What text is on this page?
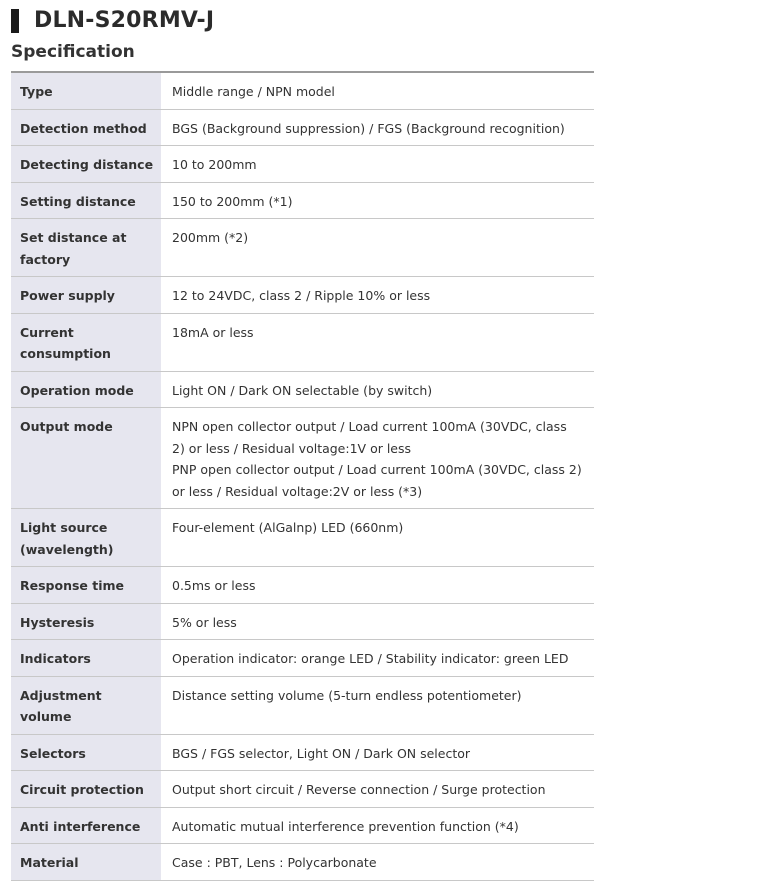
DLN-S20RMV-J
Specification
Type	Middle range / NPN model
Detection method	BGS (Background suppression) / FGS (Background recognition)
Detecting distance	10 to 200mm
Setting distance	150 to 200mm (*1)
Set distance at factory	200mm (*2)
Power supply	12 to 24VDC, class 2 / Ripple 10% or less
Current consumption	18mA or less
Operation mode	Light ON / Dark ON selectable (by switch)
Output mode	NPN open collector output / Load current 100mA (30VDC, class 2) or less / Residual voltage:1V or less
PNP open collector output / Load current 100mA (30VDC, class 2) or less / Residual voltage:2V or less (*3)

Light source (wavelength)	Four-element (AlGalnp) LED (660nm)
Response time	0.5ms or less
Hysteresis	5% or less
Indicators	Operation indicator: orange LED / Stability indicator: green LED
Adjustment volume	Distance setting volume (5-turn endless potentiometer)
Selectors	BGS / FGS selector, Light ON / Dark ON selector
Circuit protection	Output short circuit / Reverse connection / Surge protection
Anti interference	Automatic mutual interference prevention function (*4)
Material	Case : PBT, Lens : Polycarbonate
